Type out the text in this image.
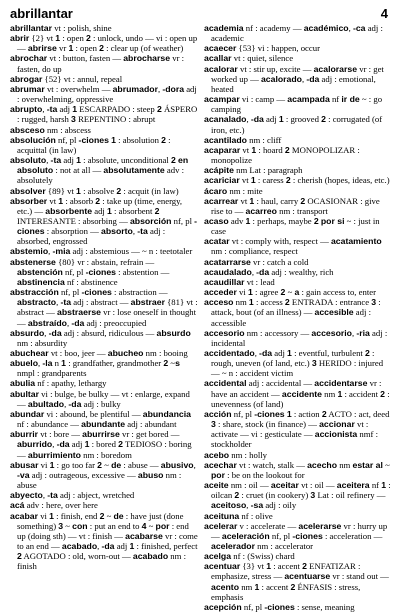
abrillantar	4

abrillantar vt : polish, shine

abrir {2} vt 1 : open 2 : unlock, undo — vi : open up — abrirse vr 1 : open 2 : clear up (of weather)

abrochar vt : button, fasten — abrocharse vr : fasten, do up

abrogar {52} vt : annul, repeal

abrumar vt : overwhelm — abrumador, -dora adj : overwhelming, oppressive

abrupto, -ta adj 1 ESCARPADO : steep 2 ÁSPERO : rugged, harsh 3 REPENTINO : abrupt

absceso nm : abscess

absolución nf, pl -ciones 1 : absolution 2 : acquittal (in law)

absoluto, -ta adj 1 : absolute, unconditional 2 en absoluto : not at all — absolutamente adv : absolutely

absolver {89} vt 1 : absolve 2 : acquit (in law)

absorber vt 1 : absorb 2 : take up (time, energy, etc.) — absorbente adj 1 : absorbent 2 INTERESANTE : absorbing — absorción nf, pl -ciones : absorption — absorto, -ta adj : absorbed, engrossed

abstemio, -mia adj : abstemious — ~ n : teetotaler

abstenerse {80} vr : abstain, refrain — abstención nf, pl -ciones : abstention — abstinencia nf : abstinence

abstracción nf, pl -ciones : abstraction — abstracto, -ta adj : abstract — abstraer {81} vt : abstract — abstraerse vr : lose oneself in thought — abstraído, -da adj : preoccupied

absurdo, -da adj : absurd, ridiculous — absurdo nm : absurdity

abuchear vt : boo, jeer — abucheo nm : booing

abuelo, -la n 1 : grandfather, grandmother 2 ~s nmpl : grandparents

abulia nf : apathy, lethargy

abultar vi : bulge, be bulky — vt : enlarge, expand — abultado, -da adj : bulky

abundar vi : abound, be plentiful — abundancia nf : abundance — abundante adj : abundant

aburrir vt : bore — aburrirse vr : get bored — aburrido, -da adj 1 : bored 2 TEDIOSO : boring — aburrimiento nm : boredom

abusar vi 1 : go too far 2 ~ de : abuse — abusivo, -va adj : outrageous, excessive — abuso nm : abuse

abyecto, -ta adj : abject, wretched

acá adv : here, over here

acabar vi 1 : finish, end 2 ~ de : have just (done something) 3 ~ con : put an end to 4 ~ por : end up (doing sth) — vt : finish — acabarse vr : come to an end — acabado, -da adj 1 : finished, perfect 2 AGOTADO : old, worn-out — acabado nm : finish

academia nf : academy — académico, -ca adj : academic

acaecer {53} vi : happen, occur

acallar vt : quiet, silence

acalorar vt : stir up, excite — acalorarse vr : get worked up — acalorado, -da adj : emotional, heated

acampar vi : camp — acampada nf ir de ~ : go camping

acanalado, -da adj 1 : grooved 2 : corrugated (of iron, etc.)

acantilado nm : cliff

acaparar vt 1 : hoard 2 MONOPOLIZAR : monopolize

acápite nm Lat : paragraph

acariciar vt 1 : caress 2 : cherish (hopes, ideas, etc.)

ácaro nm : mite

acarrear vt 1 : haul, carry 2 OCASIONAR : give rise to — acarreo nm : transport

acaso adv 1 : perhaps, maybe 2 por si ~ : just in case

acatar vt : comply with, respect — acatamiento nm : compliance, respect

acatarrarse vr : catch a cold

acaudalado, -da adj : wealthy, rich

acaudillar vt : lead

acceder vi 1 : agree 2 ~ a : gain access to, enter

acceso nm 1 : access 2 ENTRADA : entrance 3 : attack, bout (of an illness) — accesible adj : accessible

accesorio nm : accessory — accesorio, -ria adj : incidental

accidentado, -da adj 1 : eventful, turbulent 2 : rough, uneven (of land, etc.) 3 HERIDO : injured — ~ n : accident victim

accidental adj : accidental — accidentarse vr : have an accident — accidente nm 1 : accident 2 : unevenness (of land)

acción nf, pl -ciones 1 : action 2 ACTO : act, deed 3 : share, stock (in finance) — accionar vt : activate — vi : gesticulate — accionista nmf : stockholder

acebo nm : holly

acechar vt : watch, stalk — acecho nm estar al ~ por : be on the lookout for

aceite nm : oil — aceitar vt : oil — aceitera nf 1 : oilcan 2 : cruet (in cookery) 3 Lat : oil refinery — aceitoso, -sa adj : oily

aceituna nf : olive

acelerar v : accelerate — acelerarse vr : hurry up — aceleración nf, pl -ciones : acceleration — acelerador nm : accelerator

acelga nf : (Swiss) chard

acentuar {3} vt 1 : accent 2 ENFATIZAR : emphasize, stress — acentuarse vr : stand out — acento nm 1 : accent 2 ÉNFASIS : stress, emphasis

acepción nf, pl -ciones : sense, meaning
